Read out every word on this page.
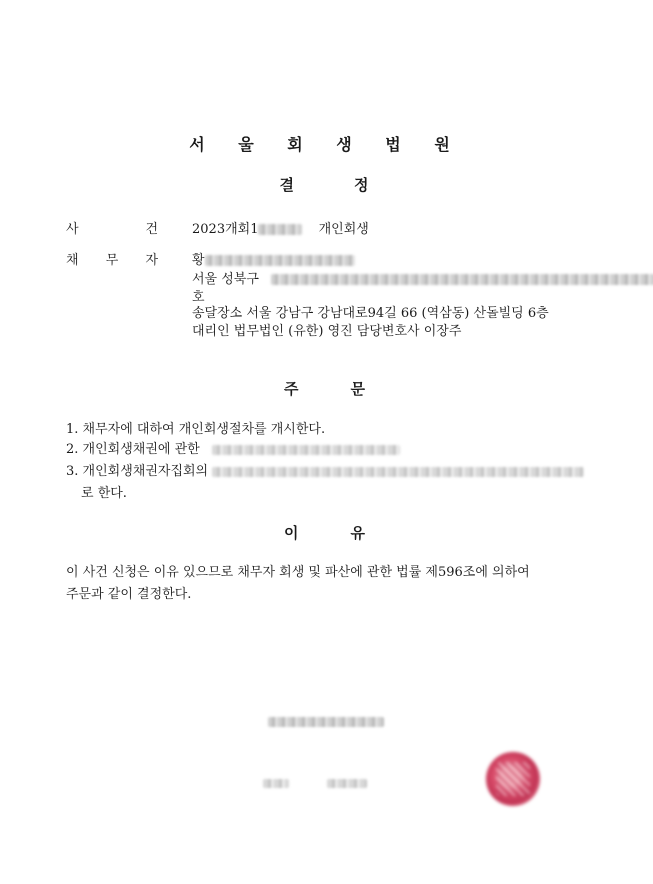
서 울 회 생 법 원
결정
사	건	2023개회1	개인회생
채 무 자	황
서울 성북구
호
송달장소 서울 강남구 강남대로94길 66 (역삼동) 산돌빌딩 6층
대리인 법무법인 (유한) 영진 담당변호사 이장주
주문
1. 채무자에 대하여 개인회생절차를 개시한다.
2. 개인회생채권에 관한
3. 개인회생채권자집회의
로 한다.
이유
이 사건 신청은 이유 있으므로 채무자 회생 및 파산에 관한 법률 제596조에 의하여
주문과 같이 결정한다.
